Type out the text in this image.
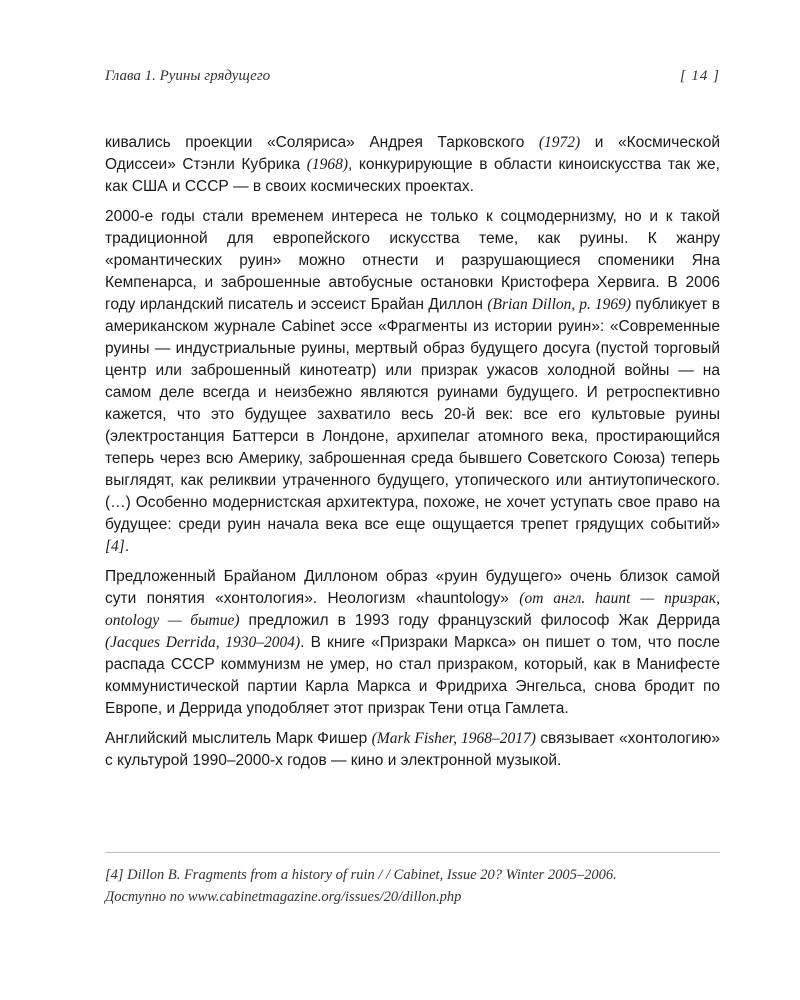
Глава 1. Руины грядущего	[ 14 ]

кивались проекции «Соляриса» Андрея Тарковского (1972) и «Космической Одиссеи» Стэнли Кубрика (1968), конкурирующие в области киноискусства так же, как США и СССР — в своих космических проектах.

2000-е годы стали временем интереса не только к соцмодернизму, но и к такой традиционной для европейского искусства теме, как руины. К жанру «романтических руин» можно отнести и разрушающиеся споменики Яна Кемпенарса, и заброшенные автобусные остановки Кристофера Хервига. В 2006 году ирландский писатель и эссеист Брайан Диллон (Brian Dillon, p. 1969) публикует в американском журнале Cabinet эссе «Фрагменты из истории руин»: «Современные руины — индустриальные руины, мертвый образ будущего досуга (пустой торговый центр или заброшенный кинотеатр) или призрак ужасов холодной войны — на самом деле всегда и неизбежно являются руинами будущего. И ретроспективно кажется, что это будущее захватило весь 20-й век: все его культовые руины (электростанция Баттерси в Лондоне, архипелаг атомного века, простирающийся теперь через всю Америку, заброшенная среда бывшего Советского Союза) теперь выглядят, как реликвии утраченного будущего, утопического или антиутопического. (…) Особенно модернистская архитектура, похоже, не хочет уступать свое право на будущее: среди руин начала века все еще ощущается трепет грядущих событий» [4].

Предложенный Брайаном Диллоном образ «руин будущего» очень близок самой сути понятия «хонтология». Неологизм «hauntology» (от англ. haunt — призрак, ontology — бытие) предложил в 1993 году французский философ Жак Деррида (Jacques Derrida, 1930–2004). В книге «Призраки Маркса» он пишет о том, что после распада СССР коммунизм не умер, но стал призраком, который, как в Манифесте коммунистической партии Карла Маркса и Фридриха Энгельса, снова бродит по Европе, и Деррида уподобляет этот призрак Тени отца Гамлета.

Английский мыслитель Марк Фишер (Mark Fisher, 1968–2017) связывает «хонтологию» с культурой 1990–2000-х годов — кино и электронной музыкой.

[4] Dillon B. Fragments from a history of ruin / / Cabinet, Issue 20? Winter 2005–2006.
Доступно по www.cabinetmagazine.org/issues/20/dillon.php
